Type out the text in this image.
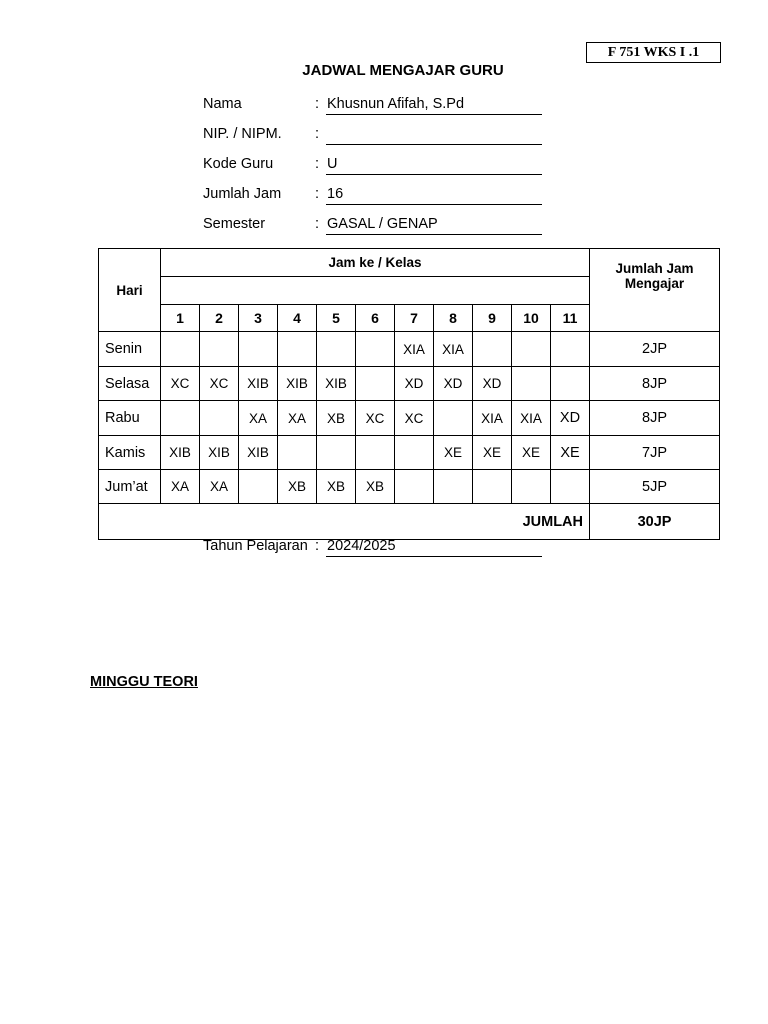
F 751 WKS I .1
JADWAL MENGAJAR GURU
Nama	: Khusnun Afifah, S.Pd
NIP. / NIPM. :
Kode Guru	: U
Jumlah Jam : 16
Semester	: GASAL / GENAP
Hari	Jam ke / Kelas											Jumlah Jam Mengajar

	1	2	3	4	5	6	7	8	9	10	11	
Senin							XIA	XIA				2JP
Selasa	XC	XC	XIB	XIB	XIB		XD	XD	XD			8JP
Rabu			XA	XA	XB	XC	XC		XIA	XIA	XD	8JP
Kamis	XIB	XIB	XIB					XE	XE	XE	XE	7JP
Jum’at	XA	XA		XB	XB	XB						5JP
JUMLAH												30JP
Tahun Pelajaran : 2024/2025
MINGGU TEORI
